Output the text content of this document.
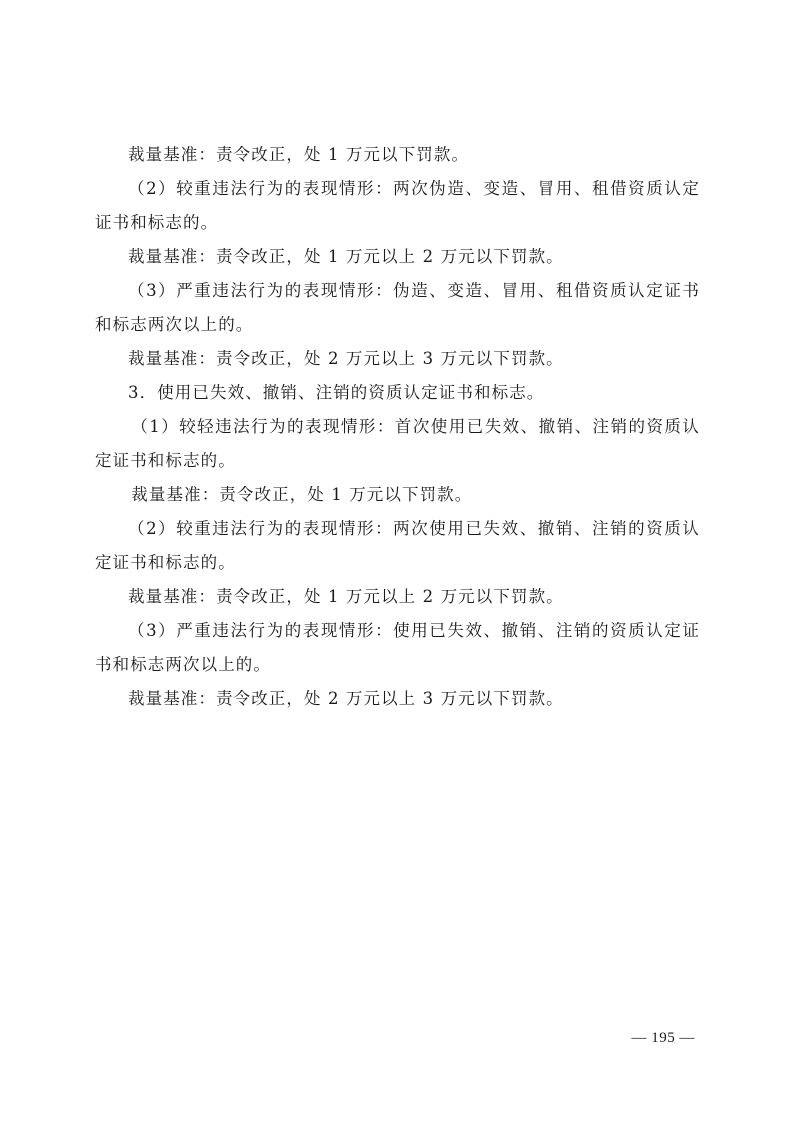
裁量基准：责令改正，处 1 万元以下罚款。

（2）较重违法行为的表现情形：两次伪造、变造、冒用、租借资质认定证书和标志的。

裁量基准：责令改正，处 1 万元以上 2 万元以下罚款。

（3）严重违法行为的表现情形：伪造、变造、冒用、租借资质认定证书和标志两次以上的。

裁量基准：责令改正，处 2 万元以上 3 万元以下罚款。

3．使用已失效、撤销、注销的资质认定证书和标志。

（1）较轻违法行为的表现情形：首次使用已失效、撤销、注销的资质认定证书和标志的。

裁量基准：责令改正，处 1 万元以下罚款。

（2）较重违法行为的表现情形：两次使用已失效、撤销、注销的资质认定证书和标志的。

裁量基准：责令改正，处 1 万元以上 2 万元以下罚款。

（3）严重违法行为的表现情形：使用已失效、撤销、注销的资质认定证书和标志两次以上的。

裁量基准：责令改正，处 2 万元以上 3 万元以下罚款。

— 195 —
